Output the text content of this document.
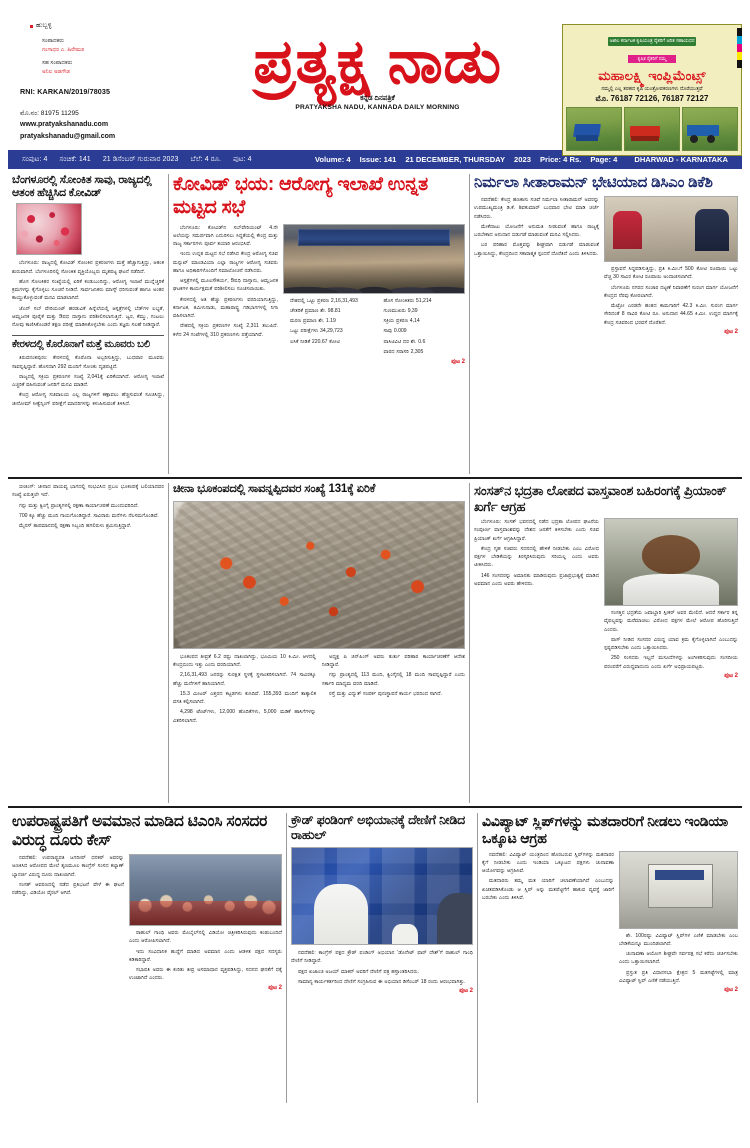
ಹುಬ್ಬಳ್ಳಿ
ಸಂಪಾದಕರು
ಗಂಗಾಧರ ಎ. ಹಿರೇಮಠ
ಸಹ ಸಂಪಾದಕರು
ಅನಿಲ ಅಡಗೌಡ
RNI: KARKAN/2019/78035
ಮೊ.ನಂ: 81975 11295
www.pratyakshanadu.com
pratyakshanadu@gmail.com
ಪ್ರತ್ಯಕ್ಷ ನಾಡು
ಕನ್ನಡ ದಿನಪತ್ರಿಕೆ
PRATYAKSHA NADU, KANNADA DAILY MORNING
ಅಖಿಲ ಕರ್ನಾಟಕ ಕೃಷಿಯಂತ್ರ ರೈತರಿಗೆ ಅರಿತ ಸಹಾಯಧನ
ಕೃಷಿಕ ರೈತರಿಗೆ ನಮ್ಮ
ಮಹಾಲಕ್ಷ್ಮಿ ಇಂಪ್ಲಿಮೆಂಟ್ಸ್
ನಮ್ಮಲ್ಲಿ ಎಲ್ಲ ತರಹದ ಕೃಷಿ ಯಂತ್ರೋಪಕರಣಗಳು ದೊರೆಯುತ್ತವೆ
ಮೊ. 76187 72126, 76187 72127
ಸಂಪುಟ: 4 ಸಂಚಿಕೆ: 141 21 ಡಿಸೆಂಬರ್ ಗುರುವಾರ 2023 ಬೆಲೆ: 4 ರೂ. ಪುಟ: 4	Volume: 4 Issue: 141 21 DECEMBER, THURSDAY 2023 Price: 4 Rs. Page: 4 DHARWAD - KARNATAKA
ಬೆಂಗಳೂರಲ್ಲಿ ಸೋಂಕಿತ ಸಾವು, ರಾಜ್ಯದಲ್ಲಿ ಆತಂಕ ಹೆಚ್ಚಿಸಿದ ಕೋವಿಡ್

ಬೆಂಗಳೂರು: ರಾಜ್ಯದಲ್ಲಿ ಕೋವಿಡ್ ಸೋಂಕಿನ ಪ್ರಕರಣಗಳು ಮತ್ತೆ ಹೆಚ್ಚಾಗುತ್ತಿದ್ದು, ಆತಂಕ ಶುರುವಾಗಿದೆ. ಬೆಂಗಳೂರಿನಲ್ಲಿ ಸೋಂಕಿತ ವ್ಯಕ್ತಿಯೊಬ್ಬರು ಮೃತಪಟ್ಟ ಘಟನೆ ನಡೆದಿದೆ.

ಹೊಸ ಸೋಂಕಿತರ ಸಂಖ್ಯೆಯಲ್ಲಿ ಏರಿಕೆ ಕಂಡುಬಂದಿದ್ದು, ಆರೋಗ್ಯ ಇಲಾಖೆ ಮುನ್ನೆಚ್ಚರಿಕೆ ಕ್ರಮಗಳನ್ನು ಕೈಗೊಳ್ಳಲು ಸೂಚನೆ ನೀಡಿದೆ. ಸಾರ್ವಜನಿಕರು ಮಾಸ್ಕ್ ಧರಿಸುವಂತೆ ಹಾಗೂ ಅಂತರ ಕಾಯ್ದುಕೊಳ್ಳುವಂತೆ ಮನವಿ ಮಾಡಲಾಗಿದೆ.

ಜೆಎನ್ ಸಬ್ ವೇರಿಯಂಟ್ ಹರಡುವಿಕೆ ಹಿನ್ನೆಲೆಯಲ್ಲಿ ಆಸ್ಪತ್ರೆಗಳಲ್ಲಿ ಬೆಡ್‌ಗಳ ಲಭ್ಯತೆ, ಆಮ್ಲಜನಕ ಪೂರೈಕೆ ಮತ್ತು ಔಷಧ ದಾಸ್ತಾನು ಪರಿಶೀಲಿಸಲಾಗುತ್ತಿದೆ. ಜ್ವರ, ಕೆಮ್ಮು, ಗಂಟಲು ನೋವು ಕಾಣಿಸಿಕೊಂಡರೆ ತಕ್ಷಣ ಪರೀಕ್ಷೆ ಮಾಡಿಸಿಕೊಳ್ಳಬೇಕು ಎಂದು ತಜ್ಞರು ಸಲಹೆ ನೀಡಿದ್ದಾರೆ.

ಕೇರಳದಲ್ಲಿ ಕೊರೊನಾಗೆ ಮತ್ತೆ ಮೂವರು ಬಲಿ

ತಿರುವನಂತಪುರಂ: ಕೇರಳದಲ್ಲಿ ಕೊರೊನಾ ಅಬ್ಬರಿಸುತ್ತಿದ್ದು, ಬುಧವಾರ ಮೂವರು ಸಾವನ್ನಪ್ಪಿದ್ದಾರೆ. ಹೊಸದಾಗಿ 292 ಮಂದಿಗೆ ಸೋಂಕು ದೃಢಪಟ್ಟಿದೆ.

ರಾಜ್ಯದಲ್ಲಿ ಸಕ್ರಿಯ ಪ್ರಕರಣಗಳ ಸಂಖ್ಯೆ 2,041ಕ್ಕೆ ಏರಿಕೆಯಾಗಿದೆ. ಆರೋಗ್ಯ ಇಲಾಖೆ ಎಚ್ಚರಿಕೆ ವಹಿಸುವಂತೆ ಜನರಿಗೆ ಮನವಿ ಮಾಡಿದೆ.

ಕೇಂದ್ರ ಆರೋಗ್ಯ ಸಚಿವಾಲಯ ಎಲ್ಲ ರಾಜ್ಯಗಳಿಗೆ ಕಣ್ಗಾವಲು ಹೆಚ್ಚಿಸುವಂತೆ ಸೂಚಿಸಿದ್ದು, ಜೀನೋಮ್ ಸೀಕ್ವೆನ್ಸಿಂಗ್ ಪರೀಕ್ಷೆಗೆ ಮಾದರಿಗಳನ್ನು ಕಳುಹಿಸುವಂತೆ ತಿಳಿಸಿದೆ.

ಕೋವಿಡ್ ಭಯ: ಆರೋಗ್ಯ ಇಲಾಖೆ ಉನ್ನತ ಮಟ್ಟದ ಸಭೆ

ಬೆಂಗಳೂರು: ಕೋವಿಡ್‌ನ ಸಬ್‌ವೇರಿಯಂಟ್ 4.ನೇ ಅಲೆಯನ್ನು ಸಮರ್ಥವಾಗಿ ಎದುರಿಸಲು ಸಿದ್ಧತೆಯಲ್ಲಿ ಕೇಂದ್ರ ಮತ್ತು ರಾಜ್ಯ ಸರ್ಕಾರಗಳು ಪೂರ್ವ ತಯಾರಿ ಆರಂಭಿಸಿವೆ.

ಇಂದು ಉನ್ನತ ಮಟ್ಟದ ಸಭೆ ನಡೆಸಿದ ಕೇಂದ್ರ ಆರೋಗ್ಯ ಸಚಿವ ಮನ್ಸುಖ್ ಮಾಂಡವಿಯಾ ಎಲ್ಲಾ ರಾಜ್ಯಗಳ ಆರೋಗ್ಯ ಸಚಿವರು ಹಾಗೂ ಅಧಿಕಾರಿಗಳೊಂದಿಗೆ ಸಮಾಲೋಚನೆ ನಡೆಸಿದರು.

ಆಸ್ಪತ್ರೆಗಳಲ್ಲಿ ಮೂಲಸೌಕರ್ಯ, ಔಷಧಿ ದಾಸ್ತಾನು, ಆಮ್ಲಜನಕ ಘಟಕಗಳ ಕಾರ್ಯಕ್ಷಮತೆ ಪರಿಶೀಲಿಸಲು ಸೂಚಿಸಲಾಯಿತು.

ಕೇರಳದಲ್ಲಿ ಅತಿ ಹೆಚ್ಚು ಪ್ರಕರಣಗಳು ವರದಿಯಾಗುತ್ತಿದ್ದು, ಕರ್ನಾಟಕ, ತಮಿಳುನಾಡು, ಮಹಾರಾಷ್ಟ್ರ ಗಡಿಭಾಗಗಳಲ್ಲಿ ನಿಗಾ ವಹಿಸಲಾಗಿದೆ.

ದೇಶದಲ್ಲಿ ಸಕ್ರಿಯ ಪ್ರಕರಣಗಳ ಸಂಖ್ಯೆ 2,311 ತಲುಪಿದೆ. ಕಳೆದ 24 ಗಂಟೆಗಳಲ್ಲಿ 310 ಪ್ರಕರಣಗಳು ಪತ್ತೆಯಾಗಿವೆ.

ದೇಶದಲ್ಲಿ ಒಟ್ಟು ಪ್ರಕರಣ 2,16,31,493

ಚೇತರಿಕೆ ಪ್ರಮಾಣ ಶೇ. 98.81

ಮರಣ ಪ್ರಮಾಣ ಶೇ. 1.19

ಒಟ್ಟು ಪರೀಕ್ಷೆಗಳು 34,29,723

ಲಸಿಕೆ ನೀಡಿಕೆ 220.67 ಕೋಟಿ

ಹೊಸ ಸೋಂಕಿತರು 51,214

ಗುಣಮುಖರು 9,39

ಸಕ್ರಿಯ ಪ್ರಕರಣ 4,14

ಸಾವು 0.009

ಪಾಸಿಟಿವಿಟಿ ದರ ಶೇ. 0.6

ವಾರದ ಸರಾಸರಿ 2,305

ಪುಟ 2
ನಿರ್ಮಲಾ ಸೀತಾರಾಮನ್ ಭೇಟಿಯಾದ ಡಿಸಿಎಂ ಡಿಕೆಶಿ

ನವದೆಹಲಿ: ಕೇಂದ್ರ ಹಣಕಾಸು ಸಚಿವೆ ನಿರ್ಮಲಾ ಸೀತಾರಾಮನ್ ಅವರನ್ನು ಉಪಮುಖ್ಯಮಂತ್ರಿ ಡಿ.ಕೆ. ಶಿವಕುಮಾರ್ ಬುಧವಾರ ಭೇಟಿ ಮಾಡಿ ಚರ್ಚೆ ನಡೆಸಿದರು.

ಮೇಕೆದಾಟು ಯೋಜನೆಗೆ ಅನುಮತಿ ನೀಡುವಂತೆ ಹಾಗೂ ರಾಜ್ಯಕ್ಕೆ ಬರಬೇಕಾದ ಅನುದಾನ ಬಿಡುಗಡೆ ಮಾಡುವಂತೆ ಮನವಿ ಸಲ್ಲಿಸಿದರು.

ಬರ ಪರಿಹಾರ ಮೊತ್ತವನ್ನು ಶೀಘ್ರವಾಗಿ ಬಿಡುಗಡೆ ಮಾಡುವಂತೆ ಒತ್ತಾಯಿಸಿದ್ದು, ಕೇಂದ್ರದಿಂದ ಸಕಾರಾತ್ಮಕ ಸ್ಪಂದನೆ ದೊರೆತಿದೆ ಎಂದು ತಿಳಿಸಿದರು.

ಪ್ರಸ್ತಾವನೆ ಸಿದ್ಧಪಡಿಸುತ್ತಿದ್ದು, ಪ್ರತಿ ಕಿ.ಮೀ.ಗೆ 500 ಕೋಟಿ ರೂಪಾಯಿ ಒಟ್ಟು ವೆಚ್ಚ 30 ಸಾವಿರ ಕೋಟಿ ರೂಪಾಯಿ ಅಂದಾಜಿಸಲಾಗಿದೆ.

ಬೆಂಗಳೂರು ನಗರದ ಸಂಚಾರ ದಟ್ಟಣೆ ನಿವಾರಣೆಗೆ ಸುರಂಗ ಮಾರ್ಗ ಯೋಜನೆಗೆ ಕೇಂದ್ರದ ನೆರವು ಕೋರಲಾಗಿದೆ.

ಮೆಟ್ರೋ ಎರಡನೇ ಹಂತದ ಕಾಮಗಾರಿಗೆ 42.3 ಕಿ.ಮೀ. ಸುರಂಗ ಮಾರ್ಗ ಸೇರಿದಂತೆ 8 ಸಾವಿರ ಕೋಟಿ ರೂ. ಅನುದಾನ 44.65 ಕಿ.ಮೀ. ಉದ್ದದ ಮಾರ್ಗಕ್ಕೆ ಕೇಂದ್ರ ಸಚಿವರಿಂದ ಭರವಸೆ ದೊರೆತಿದೆ.

ಪುಟ 2

ಬೀಜಿಂಗ್: ಚೀನಾದ ವಾಯವ್ಯ ಭಾಗದಲ್ಲಿ ಸಂಭವಿಸಿದ ಪ್ರಬಲ ಭೂಕಂಪಕ್ಕೆ ಬಲಿಯಾದವರ ಸಂಖ್ಯೆ ಏರುತ್ತಲೇ ಇದೆ.

ಗನ್ಸು ಮತ್ತು ಕ್ವಿಂಗೈ ಪ್ರಾಂತ್ಯಗಳಲ್ಲಿ ರಕ್ಷಣಾ ಕಾರ್ಯಾಚರಣೆ ಮುಂದುವರಿದಿದೆ.

700 ಕ್ಕೂ ಹೆಚ್ಚು ಮಂದಿ ಗಾಯಗೊಂಡಿದ್ದಾರೆ. ಸಾವಿರಾರು ಮನೆಗಳು ನೆಲಸಮಗೊಂಡಿವೆ.

ಮೈನಸ್ ತಾಪಮಾನದಲ್ಲಿ ರಕ್ಷಣಾ ಸಿಬ್ಬಂದಿ ಹಗಲಿರುಳು ಶ್ರಮಿಸುತ್ತಿದ್ದಾರೆ.

ಚೀನಾ ಭೂಕಂಪದಲ್ಲಿ ಸಾವನ್ನಪ್ಪಿದವರ ಸಂಖ್ಯೆ 131ಕ್ಕೆ ಏರಿಕೆ

ಭೂಕಂಪದ ತೀವ್ರತೆ 6.2 ರಷ್ಟು ದಾಖಲಾಗಿದ್ದು, ಭೂಮಿಯ 10 ಕಿ.ಮೀ. ಆಳದಲ್ಲಿ ಕೇಂದ್ರಬಿಂದು ಇತ್ತು ಎಂದು ವರದಿಯಾಗಿದೆ.

2,16,31,493 ಜನರನ್ನು ಸುರಕ್ಷಿತ ಸ್ಥಳಕ್ಕೆ ಸ್ಥಳಾಂತರಿಸಲಾಗಿದೆ. 74 ಸಾವಿರಕ್ಕೂ ಹೆಚ್ಚು ಮನೆಗಳಿಗೆ ಹಾನಿಯಾಗಿದೆ.

15.3 ಮೀಟರ್ ಎತ್ತರದ ಕಟ್ಟಡಗಳು ಕುಸಿದಿವೆ. 155,393 ಮಂದಿಗೆ ತಾತ್ಕಾಲಿಕ ವಸತಿ ಕಲ್ಪಿಸಲಾಗಿದೆ.

4,298 ಟೆಂಟ್‌ಗಳು, 12,000 ಹೊದಿಕೆಗಳು, 5,000 ಮಡಿಕೆ ಹಾಸಿಗೆಗಳನ್ನು ವಿತರಿಸಲಾಗಿದೆ.

ಅಧ್ಯಕ್ಷ ಷಿ ಜಿನ್‌ಪಿಂಗ್ ಅವರು ತುರ್ತು ಪರಿಹಾರ ಕಾರ್ಯಾಚರಣೆಗೆ ಆದೇಶ ನೀಡಿದ್ದಾರೆ.

ಗನ್ಸು ಪ್ರಾಂತ್ಯದಲ್ಲಿ 113 ಮಂದಿ, ಕ್ವಿಂಗೈನಲ್ಲಿ 18 ಮಂದಿ ಸಾವನ್ನಪ್ಪಿದ್ದಾರೆ ಎಂದು ಸರ್ಕಾರಿ ಮಾಧ್ಯಮ ವರದಿ ಮಾಡಿದೆ.

ರಸ್ತೆ ಮತ್ತು ವಿದ್ಯುತ್ ಸಂಪರ್ಕ ಪುನಃಸ್ಥಾಪನೆ ಕಾರ್ಯ ಭರದಿಂದ ಸಾಗಿದೆ.

ಸಂಸತ್‌ನ ಭದ್ರತಾ ಲೋಪದ ವಾಸ್ತವಾಂಶ ಬಹಿರಂಗಕ್ಕೆ ಪ್ರಿಯಾಂಕ್ ಖರ್ಗೆ ಆಗ್ರಹ

ಬೆಂಗಳೂರು: ಸಂಸತ್ ಭವನದಲ್ಲಿ ನಡೆದ ಭದ್ರತಾ ಲೋಪದ ಘಟನೆಯ ಸಂಪೂರ್ಣ ವಾಸ್ತವಾಂಶವನ್ನು ದೇಶದ ಜನತೆಗೆ ತಿಳಿಸಬೇಕು ಎಂದು ಸಚಿವ ಪ್ರಿಯಾಂಕ್ ಖರ್ಗೆ ಆಗ್ರಹಿಸಿದ್ದಾರೆ.

ಕೇಂದ್ರ ಗೃಹ ಸಚಿವರು ಸದನದಲ್ಲಿ ಹೇಳಿಕೆ ನೀಡಬೇಕು ಎಂಬ ವಿರೋಧ ಪಕ್ಷಗಳ ಬೇಡಿಕೆಯನ್ನು ತಿರಸ್ಕರಿಸಿರುವುದು ಸರಿಯಲ್ಲ ಎಂದು ಅವರು ಟೀಕಿಸಿದರು.

146 ಸಂಸದರನ್ನು ಅಮಾನತು ಮಾಡಿರುವುದು ಪ್ರಜಾಪ್ರಭುತ್ವಕ್ಕೆ ಮಾಡಿದ ಅವಮಾನ ಎಂದು ಅವರು ಹೇಳಿದರು.

ಸಂಸತ್ತಿನ ಭದ್ರತೆಯ ಜವಾಬ್ದಾರಿ ಸ್ಪೀಕರ್ ಅವರ ಮೇಲಿದೆ. ಆದರೆ ಸರ್ಕಾರ ತನ್ನ ವೈಫಲ್ಯವನ್ನು ಮರೆಮಾಚಲು ವಿರೋಧ ಪಕ್ಷಗಳ ಮೇಲೆ ಆರೋಪ ಹೊರಿಸುತ್ತಿದೆ ಎಂದರು.

ಪಾಸ್ ನೀಡಿದ ಸಂಸದರ ವಿರುದ್ಧ ಯಾವ ಕ್ರಮ ಕೈಗೊಳ್ಳಲಾಗಿದೆ ಎಂಬುದನ್ನು ಸ್ಪಷ್ಟಪಡಿಸಬೇಕು ಎಂದು ಒತ್ತಾಯಿಸಿದರು.

250 ಸಂಸದರು ಇಲ್ಲದೆ ಮಸೂದೆಗಳನ್ನು ಅಂಗೀಕರಿಸುವುದು ಸಂಸದೀಯ ಪರಂಪರೆಗೆ ವಿರುದ್ಧವಾದುದು ಎಂದು ಖರ್ಗೆ ಅಭಿಪ್ರಾಯಪಟ್ಟರು.

ಪುಟ 2
ಉಪರಾಷ್ಟ್ರಪತಿಗೆ ಅವಮಾನ ಮಾಡಿದ ಟಿಎಂಸಿ ಸಂಸದರ ವಿರುದ್ಧ ದೂರು ಕೇಸ್

ನವದೆಹಲಿ: ಉಪರಾಷ್ಟ್ರಪತಿ ಜಗದೀಪ್ ಧನಕರ್ ಅವರನ್ನು ಅಣಕಿಸಿದ ಆರೋಪದ ಮೇಲೆ ತೃಣಮೂಲ ಕಾಂಗ್ರೆಸ್ ಸಂಸದ ಕಲ್ಯಾಣ್ ಬ್ಯಾನರ್ಜಿ ವಿರುದ್ಧ ದೂರು ದಾಖಲಾಗಿದೆ.

ಸಂಸತ್ ಆವರಣದಲ್ಲಿ ನಡೆದ ಪ್ರತಿಭಟನೆ ವೇಳೆ ಈ ಘಟನೆ ನಡೆದಿದ್ದು, ವಿಡಿಯೋ ವೈರಲ್ ಆಗಿದೆ.

ರಾಹುಲ್ ಗಾಂಧಿ ಅವರು ಮೊಬೈಲ್‌ನಲ್ಲಿ ವಿಡಿಯೋ ಚಿತ್ರೀಕರಿಸಿರುವುದು ಕಂಡುಬಂದಿದೆ ಎಂದು ಆರೋಪಿಸಲಾಗಿದೆ.

ಇದು ಸಂವಿಧಾನಿಕ ಹುದ್ದೆಗೆ ಮಾಡಿದ ಅವಮಾನ ಎಂದು ಆಡಳಿತ ಪಕ್ಷದ ಸದಸ್ಯರು ಕಿಡಿಕಾರಿದ್ದಾರೆ.

ಸಭಾಪತಿ ಅವರು ಈ ಕುರಿತು ತೀವ್ರ ಅಸಮಾಧಾನ ವ್ಯಕ್ತಪಡಿಸಿದ್ದು, ಸದನದ ಘನತೆಗೆ ಧಕ್ಕೆ ಉಂಟಾಗಿದೆ ಎಂದರು.

ಪುಟ 2
ಕ್ರೌಡ್ ಫಂಡಿಂಗ್ ಅಭಿಯಾನಕ್ಕೆ ದೇಣಿಗೆ ನೀಡಿದ ರಾಹುಲ್

ನವದೆಹಲಿ: ಕಾಂಗ್ರೆಸ್ ಪಕ್ಷದ ಕ್ರೌಡ್ ಫಂಡಿಂಗ್ ಅಭಿಯಾನ 'ಡೊನೇಟ್ ಫಾರ್ ದೇಶ್'ಗೆ ರಾಹುಲ್ ಗಾಂಧಿ ದೇಣಿಗೆ ನೀಡಿದ್ದಾರೆ.

ಪಕ್ಷದ ಖಜಾಂಚಿ ಅಜಯ್ ಮಾಕನ್ ಅವರಿಗೆ ದೇಣಿಗೆ ಪತ್ರ ಹಸ್ತಾಂತರಿಸಿದರು.

ಸಾಮಾನ್ಯ ಕಾರ್ಯಕರ್ತರಿಂದ ದೇಣಿಗೆ ಸಂಗ್ರಹಿಸುವ ಈ ಅಭಿಯಾನ ಡಿಸೆಂಬರ್ 18 ರಂದು ಆರಂಭವಾಗಿತ್ತು.

ಪುಟ 2
ವಿವಿಪ್ಯಾಟ್ ಸ್ಲಿಪ್‌ಗಳನ್ನು ಮತದಾರರಿಗೆ ನೀಡಲು ಇಂಡಿಯಾ ಒಕ್ಕೂಟ ಆಗ್ರಹ

ನವದೆಹಲಿ: ವಿವಿಪ್ಯಾಟ್ ಯಂತ್ರದಿಂದ ಹೊರಬರುವ ಸ್ಲಿಪ್‌ಗಳನ್ನು ಮತದಾರರ ಕೈಗೆ ನೀಡಬೇಕು ಎಂದು ಇಂಡಿಯಾ ಒಕ್ಕೂಟದ ಪಕ್ಷಗಳು ಚುನಾವಣಾ ಆಯೋಗವನ್ನು ಆಗ್ರಹಿಸಿವೆ.

ಮತದಾರರು ತಮ್ಮ ಮತ ಯಾರಿಗೆ ಚಲಾವಣೆಯಾಗಿದೆ ಎಂಬುದನ್ನು ಖಚಿತಪಡಿಸಿಕೊಂಡು ಆ ಸ್ಲಿಪ್ ಅನ್ನು ಮತಪೆಟ್ಟಿಗೆಗೆ ಹಾಕುವ ವ್ಯವಸ್ಥೆ ಜಾರಿಗೆ ಬರಬೇಕು ಎಂದು ತಿಳಿಸಿವೆ.

ಶೇ. 100ರಷ್ಟು ವಿವಿಪ್ಯಾಟ್ ಸ್ಲಿಪ್‌ಗಳ ಎಣಿಕೆ ಮಾಡಬೇಕು ಎಂಬ ಬೇಡಿಕೆಯನ್ನೂ ಮುಂದಿಡಲಾಗಿದೆ.

ಚುನಾವಣಾ ಆಯೋಗ ಶೀಘ್ರವೇ ಸರ್ವಪಕ್ಷ ಸಭೆ ಕರೆದು ಚರ್ಚಿಸಬೇಕು ಎಂದು ಒತ್ತಾಯಿಸಲಾಗಿದೆ.

ಪ್ರಸ್ತುತ ಪ್ರತಿ ವಿಧಾನಸಭಾ ಕ್ಷೇತ್ರದ 5 ಮತಗಟ್ಟೆಗಳಲ್ಲಿ ಮಾತ್ರ ವಿವಿಪ್ಯಾಟ್ ಸ್ಲಿಪ್ ಎಣಿಕೆ ನಡೆಯುತ್ತಿದೆ.

ಪುಟ 2
